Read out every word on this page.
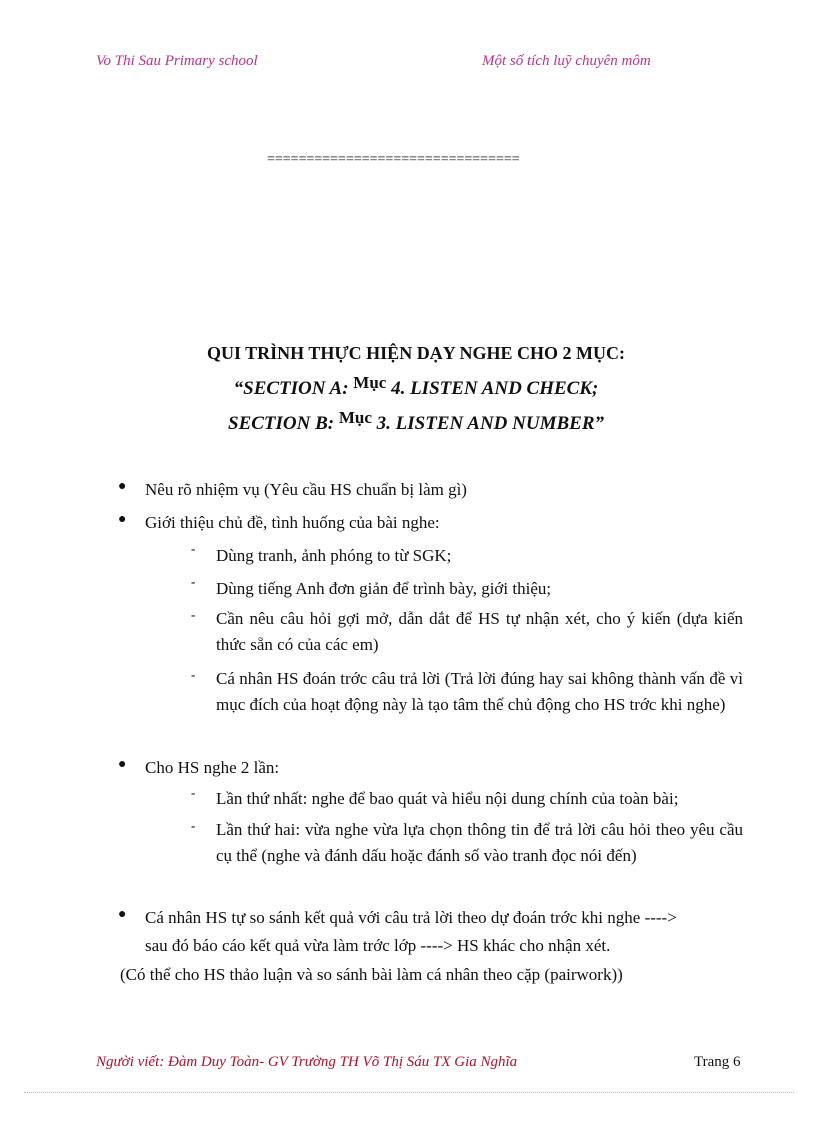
Vo Thi Sau Primary school	Một số tích luỹ chuyên môm
================================
QUI TRÌNH THỰC HIỆN DẠY NGHE CHO 2 MỤC:
“SECTION A: Mục 4. LISTEN AND CHECK;
SECTION B: Mục 3. LISTEN AND NUMBER”
● Nêu rõ nhiệm vụ (Yêu cầu HS chuẩn bị làm gì)
● Giới thiệu chủ đề, tình huống của bài nghe:
- Dùng tranh, ảnh phóng to từ SGK;
- Dùng tiếng Anh đơn giản để trình bày, giới thiệu;
- Cần nêu câu hỏi gợi mở, dẫn dắt để HS tự nhận xét, cho ý kiến (dựa kiến thức sẵn có của các em)
- Cá nhân HS đoán trớc câu trả lời (Trả lời đúng hay sai không thành vấn đề vì mục đích của hoạt động này là tạo tâm thế chủ động cho HS trớc khi nghe)
● Cho HS nghe 2 lần:
- Lần thứ nhất: nghe để bao quát và hiểu nội dung chính của toàn bài;
- Lần thứ hai: vừa nghe vừa lựa chọn thông tin để trả lời câu hỏi theo yêu cầu cụ thể (nghe và đánh dấu hoặc đánh số vào tranh đọc nói đến)
● Cá nhân HS tự so sánh kết quả với câu trả lời theo dự đoán trớc khi nghe ---->
sau đó báo cáo kết quả vừa làm trớc lớp ----> HS khác cho nhận xét.
(Có thể cho HS thảo luận và so sánh bài làm cá nhân theo cặp (pairwork))
Người viết: Đàm Duy Toàn- GV Trường TH Võ Thị Sáu TX Gia Nghĩa	Trang 6
